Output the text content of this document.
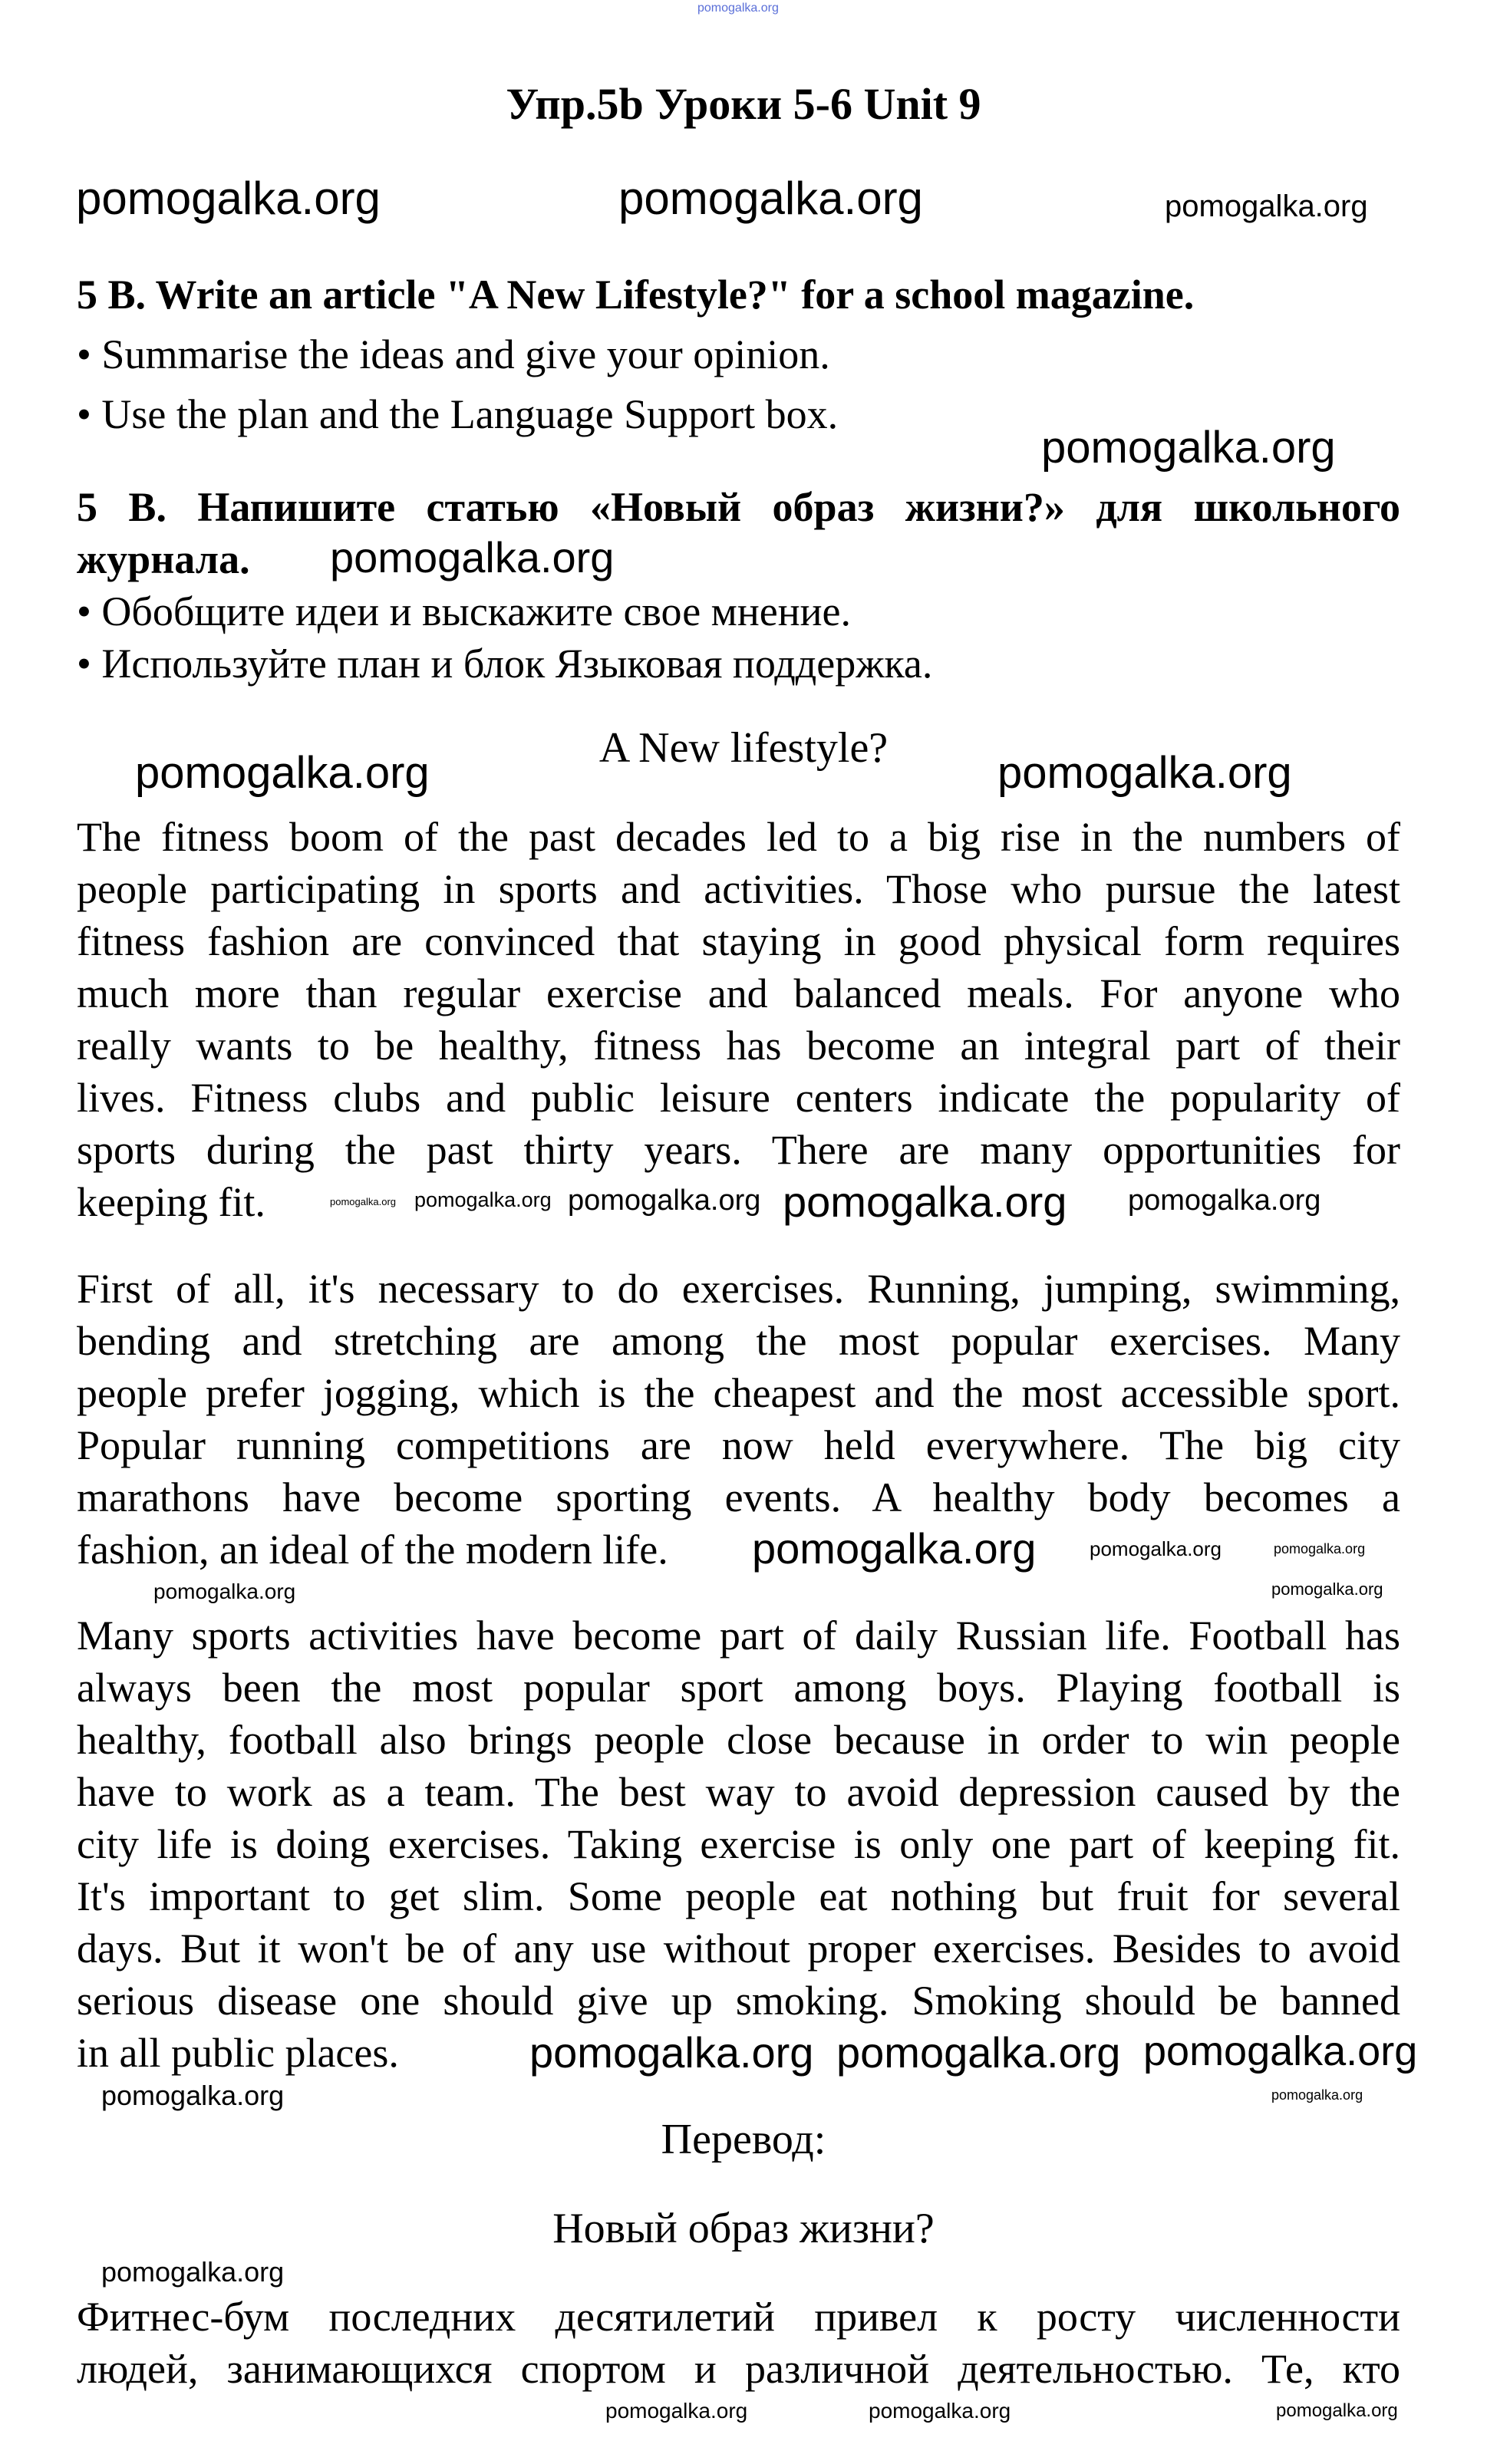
pomogalka.org
Упр.5b Уроки 5-6 Unit 9
5 B. Write an article "A New Lifestyle?" for a school magazine.
• Summarise the ideas and give your opinion.
• Use the plan and the Language Support box.
5 B. Напишите статью «Новый образ жизни?» для школьного
журнала.
• Обобщите идеи и выскажите свое мнение.
• Используйте план и блок Языковая поддержка.
A New lifestyle?
The fitness boom of the past decades led to a big rise in the numbers of
people participating in sports and activities. Those who pursue the latest
fitness fashion are convinced that staying in good physical form requires
much more than regular exercise and balanced meals. For anyone who
really wants to be healthy, fitness has become an integral part of their
lives. Fitness clubs and public leisure centers indicate the popularity of
sports during the past thirty years. There are many opportunities for
keeping fit.
First of all, it's necessary to do exercises. Running, jumping, swimming,
bending and stretching are among the most popular exercises. Many
people prefer jogging, which is the cheapest and the most accessible sport.
Popular running competitions are now held everywhere. The big city
marathons have become sporting events. A healthy body becomes a
fashion, an ideal of the modern life.
Many sports activities have become part of daily Russian life. Football has
always been the most popular sport among boys. Playing football is
healthy, football also brings people close because in order to win people
have to work as a team. The best way to avoid depression caused by the
city life is doing exercises. Taking exercise is only one part of keeping fit.
It's important to get slim. Some people eat nothing but fruit for several
days. But it won't be of any use without proper exercises. Besides to avoid
serious disease one should give up smoking. Smoking should be banned
in all public places.
Перевод:
Новый образ жизни?
Фитнес-бум последних десятилетий привел к росту численности
людей, занимающихся спортом и различной деятельностью. Те, кто
pomogalka.org	pomogalka.org	pomogalka.org
pomogalka.org
pomogalka.org
pomogalka.org	pomogalka.org
pomogalka.org pomogalka.org pomogalka.org pomogalka.org pomogalka.org
pomogalka.org	pomogalka.org	pomogalka.org
pomogalka.org
pomogalka.org
pomogalka.org pomogalka.org pomogalka.org
pomogalka.org	pomogalka.org
pomogalka.org
pomogalka.org	pomogalka.org	pomogalka.org
